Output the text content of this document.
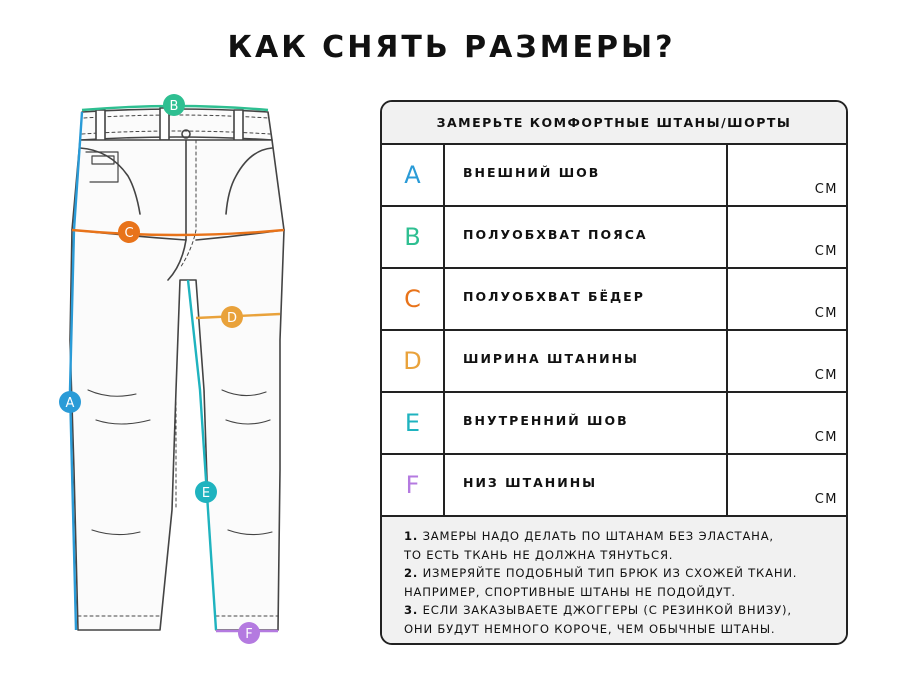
КАК СНЯТЬ РАЗМЕРЫ?
A
B
C
D
E
F
ЗАМЕРЬТЕ КОМФОРТНЫЕ ШТАНЫ/ШОРТЫ
A	ВНЕШНИЙ ШОВ
СМ
B	ПОЛУОБХВАТ ПОЯСА
СМ
C	ПОЛУОБХВАТ БЁДЕР
СМ
D	ШИРИНА ШТАНИНЫ
СМ
E	ВНУТРЕННИЙ ШОВ
СМ
F	НИЗ ШТАНИНЫ
СМ
1. ЗАМЕРЫ НАДО ДЕЛАТЬ ПО ШТАНАМ БЕЗ ЭЛАСТАНА,
ТО ЕСТЬ ТКАНЬ НЕ ДОЛЖНА ТЯНУТЬСЯ.
2. ИЗМЕРЯЙТЕ ПОДОБНЫЙ ТИП БРЮК ИЗ СХОЖЕЙ ТКАНИ.
НАПРИМЕР, СПОРТИВНЫЕ ШТАНЫ НЕ ПОДОЙДУТ.
3. ЕСЛИ ЗАКАЗЫВАЕТЕ ДЖОГГЕРЫ (С РЕЗИНКОЙ ВНИЗУ),
ОНИ БУДУТ НЕМНОГО КОРОЧЕ, ЧЕМ ОБЫЧНЫЕ ШТАНЫ.
